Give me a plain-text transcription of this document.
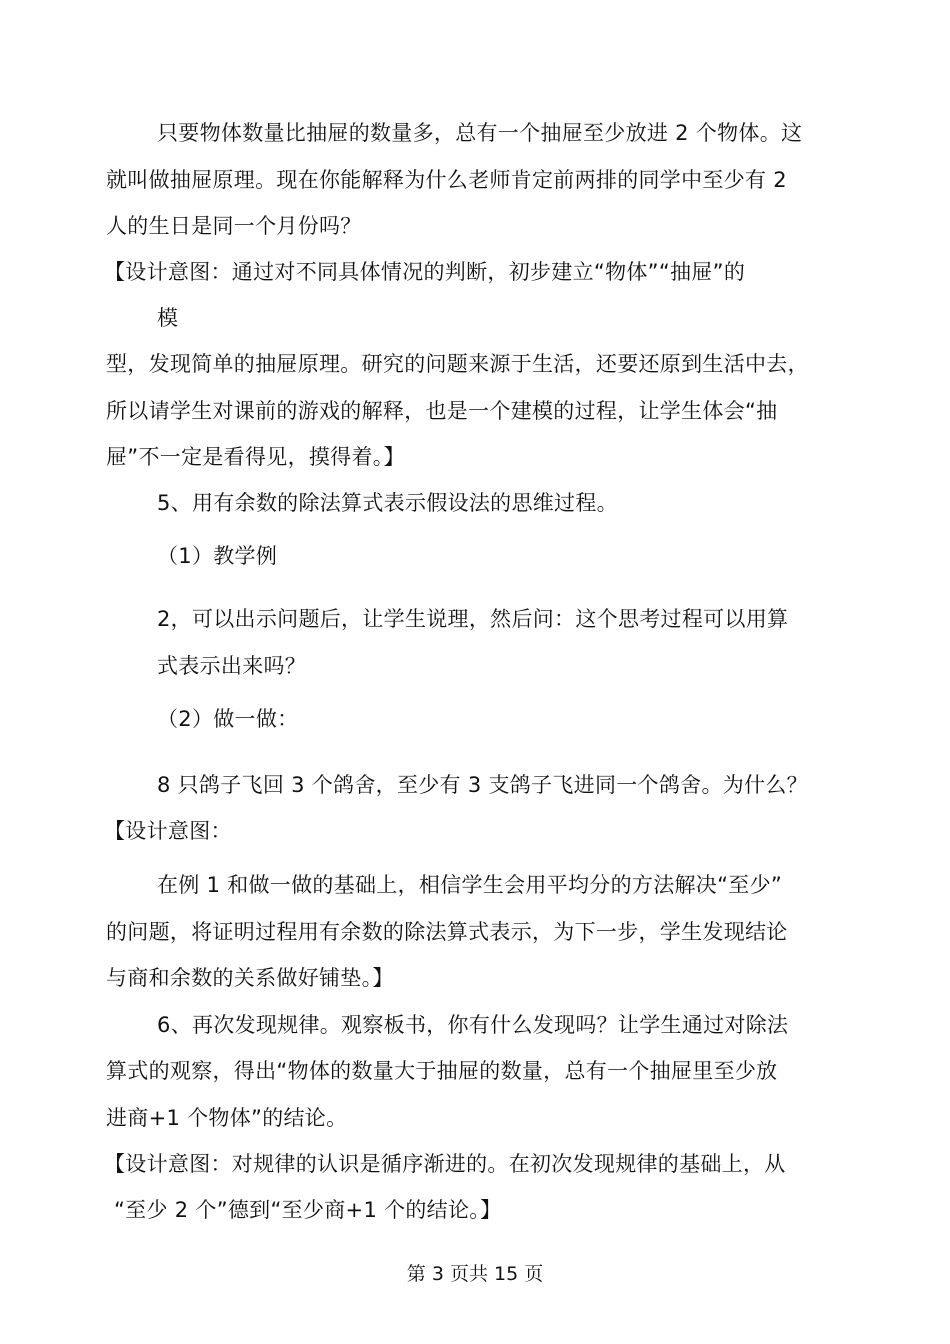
只要物体数量比抽屉的数量多，总有一个抽屉至少放进 2 个物体。这
就叫做抽屉原理。现在你能解释为什么老师肯定前两排的同学中至少有 2
人的生日是同一个月份吗？
【设计意图：通过对不同具体情况的判断，初步建立“物体”“抽屉”的
模
型，发现简单的抽屉原理。研究的问题来源于生活，还要还原到生活中去，
所以请学生对课前的游戏的解释，也是一个建模的过程，让学生体会“抽
屉”不一定是看得见，摸得着。】
5、用有余数的除法算式表示假设法的思维过程。
（1）教学例
2，可以出示问题后，让学生说理，然后问：这个思考过程可以用算
式表示出来吗？
（2）做一做：
8 只鸽子飞回 3 个鸽舍，至少有 3 支鸽子飞进同一个鸽舍。为什么？
【设计意图：
在例 1 和做一做的基础上，相信学生会用平均分的方法解决“至少”
的问题，将证明过程用有余数的除法算式表示，为下一步，学生发现结论
与商和余数的关系做好铺垫。】
6、再次发现规律。观察板书，你有什么发现吗？让学生通过对除法
算式的观察，得出“物体的数量大于抽屉的数量，总有一个抽屉里至少放
进商+1 个物体”的结论。
【设计意图：对规律的认识是循序渐进的。在初次发现规律的基础上，从
“至少 2 个”德到“至少商+1 个的结论。】
第 3 页共 15 页
